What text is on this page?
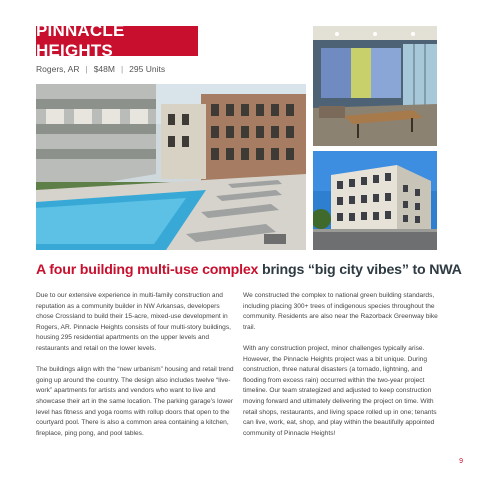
PINNACLE HEIGHTS
Rogers, AR | $48M | 295 Units
A four building multi-use complex brings “big city vibes” to NWA

Due to our extensive experience in multi-family construction and reputation as a community builder in NW Arkansas, developers chose Crossland to build their 15-acre, mixed-use development in Rogers, AR. Pinnacle Heights consists of four multi-story buildings, housing 295 residential apartments on the upper levels and restaurants and retail on the lower levels.

The buildings align with the “new urbanism” housing and retail trend going up around the country. The design also includes twelve “live-work” apartments for artists and vendors who want to live and showcase their art in the same location. The parking garage’s lower level has fitness and yoga rooms with rollup doors that open to the courtyard pool. There is also a common area containing a kitchen, fireplace, ping pong, and pool tables.

We constructed the complex to national green building standards, including placing 300+ trees of indigenous species throughout the community. Residents are also near the Razorback Greenway bike trail.

With any construction project, minor challenges typically arise. However, the Pinnacle Heights project was a bit unique. During construction, three natural disasters (a tornado, lightning, and flooding from excess rain) occurred within the two-year project timeline. Our team strategized and adjusted to keep construction moving forward and ultimately delivering the project on time. With retail shops, restaurants, and living space rolled up in one; tenants can live, work, eat, shop, and play within the beautifully appointed community of Pinnacle Heights!

9
